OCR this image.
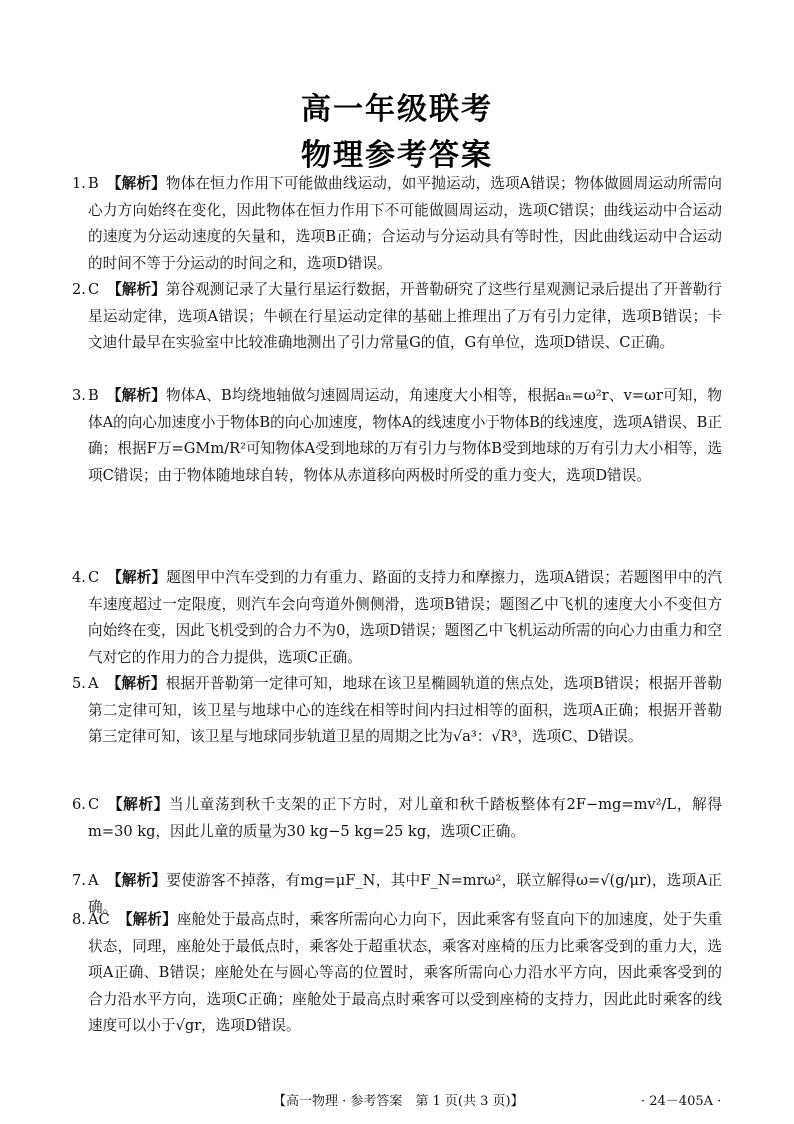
高一年级联考
物理参考答案
1. B 【解析】物体在恒力作用下可能做曲线运动，如平抛运动，选项A错误；物体做圆周运动所需向心力方向始终在变化，因此物体在恒力作用下不可能做圆周运动，选项C错误；曲线运动中合运动的速度为分运动速度的矢量和，选项B正确；合运动与分运动具有等时性，因此曲线运动中合运动的时间不等于分运动的时间之和，选项D错误。
2. C 【解析】第谷观测记录了大量行星运行数据，开普勒研究了这些行星观测记录后提出了开普勒行星运动定律，选项A错误；牛顿在行星运动定律的基础上推理出了万有引力定律，选项B错误；卡文迪什最早在实验室中比较准确地测出了引力常量G的值，G有单位，选项D错误、C正确。
3. B 【解析】物体A、B均绕地轴做匀速圆周运动，角速度大小相等，根据aₙ=ω²r、v=ωr可知，物体A的向心加速度小于物体B的向心加速度，物体A的线速度小于物体B的线速度，选项A错误、B正确；根据F万=GMm/R²可知物体A受到地球的万有引力与物体B受到地球的万有引力大小相等，选项C错误；由于物体随地球自转，物体从赤道移向两极时所受的重力变大，选项D错误。
4. C 【解析】题图甲中汽车受到的力有重力、路面的支持力和摩擦力，选项A错误；若题图甲中的汽车速度超过一定限度，则汽车会向弯道外侧侧滑，选项B错误；题图乙中飞机的速度大小不变但方向始终在变，因此飞机受到的合力不为0，选项D错误；题图乙中飞机运动所需的向心力由重力和空气对它的作用力的合力提供，选项C正确。
5. A 【解析】根据开普勒第一定律可知，地球在该卫星椭圆轨道的焦点处，选项B错误；根据开普勒第二定律可知，该卫星与地球中心的连线在相等时间内扫过相等的面积，选项A正确；根据开普勒第三定律可知，该卫星与地球同步轨道卫星的周期之比为√a³：√R³，选项C、D错误。
6. C 【解析】当儿童荡到秋千支架的正下方时，对儿童和秋千踏板整体有2F−mg=mv²/L，解得m=30 kg，因此儿童的质量为30 kg−5 kg=25 kg，选项C正确。
7. A 【解析】要使游客不掉落，有mg=μF_N，其中F_N=mrω²，联立解得ω=√(g/μr)，选项A正确。
8. AC 【解析】座舱处于最高点时，乘客所需向心力向下，因此乘客有竖直向下的加速度，处于失重状态，同理，座舱处于最低点时，乘客处于超重状态，乘客对座椅的压力比乘客受到的重力大，选项A正确、B错误；座舱处在与圆心等高的位置时，乘客所需向心力沿水平方向，因此乘客受到的合力沿水平方向，选项C正确；座舱处于最高点时乘客可以受到座椅的支持力，因此此时乘客的线速度可以小于√gr，选项D错误。
【高一物理 · 参考答案　第 1 页(共 3 页)】	· 24－405A ·
